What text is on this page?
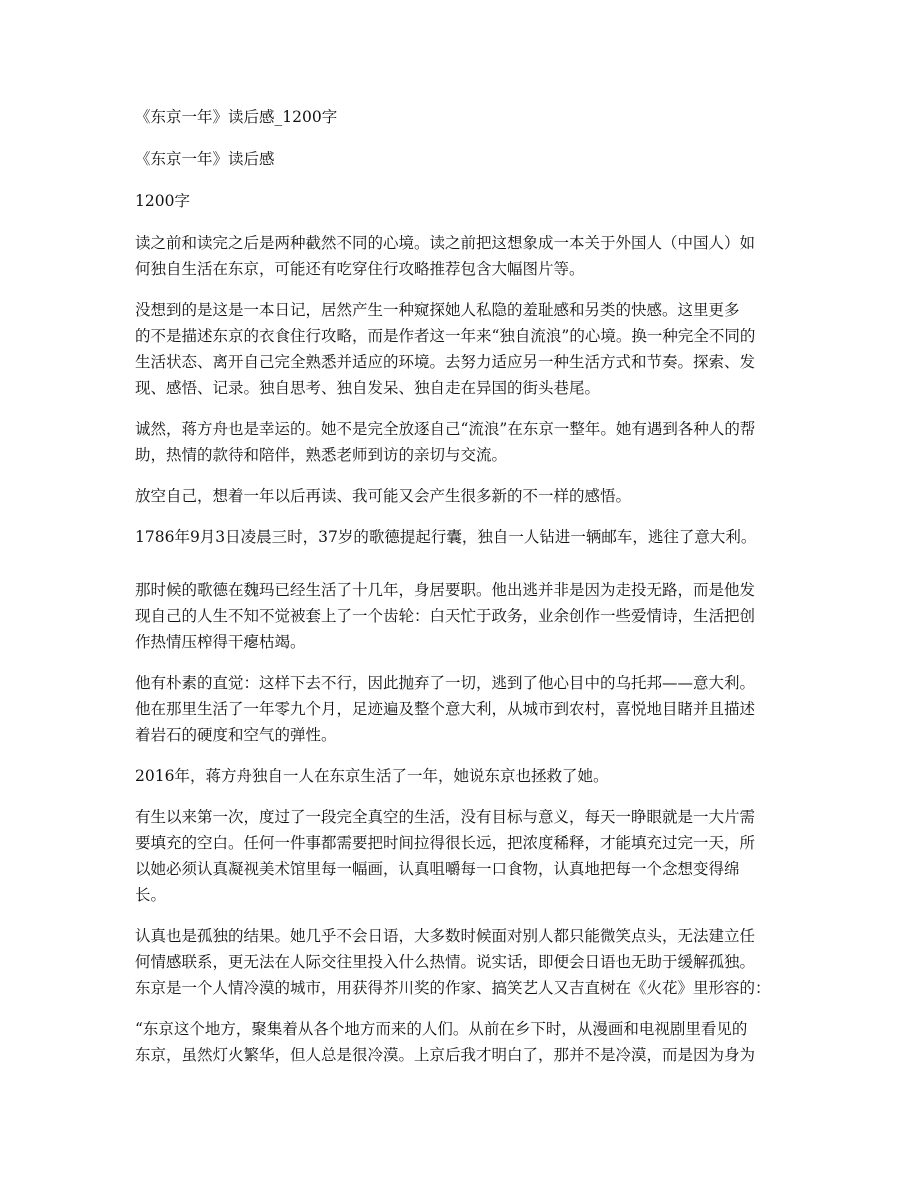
《东京一年》读后感_1200字

《东京一年》读后感

1200字

读之前和读完之后是两种截然不同的心境。读之前把这想象成一本关于外国人（中国人）如

何独自生活在东京，可能还有吃穿住行攻略推荐包含大幅图片等。

没想到的是这是一本日记，居然产生一种窥探她人私隐的羞耻感和另类的快感。这里更多

的不是描述东京的衣食住行攻略，而是作者这一年来“独自流浪”的心境。换一种完全不同的

生活状态、离开自己完全熟悉并适应的环境。去努力适应另一种生活方式和节奏。探索、发

现、感悟、记录。独自思考、独自发呆、独自走在异国的街头巷尾。

诚然，蒋方舟也是幸运的。她不是完全放逐自己“流浪”在东京一整年。她有遇到各种人的帮

助，热情的款待和陪伴，熟悉老师到访的亲切与交流。

放空自己，想着一年以后再读、我可能又会产生很多新的不一样的感悟。

1786年9月3日凌晨三时，37岁的歌德提起行囊，独自一人钻进一辆邮车，逃往了意大利。

那时候的歌德在魏玛已经生活了十几年，身居要职。他出逃并非是因为走投无路，而是他发

现自己的人生不知不觉被套上了一个齿轮：白天忙于政务，业余创作一些爱情诗，生活把创

作热情压榨得干瘪枯竭。

他有朴素的直觉：这样下去不行，因此抛弃了一切，逃到了他心目中的乌托邦——意大利。

他在那里生活了一年零九个月，足迹遍及整个意大利，从城市到农村，喜悦地目睹并且描述

着岩石的硬度和空气的弹性。

2016年，蒋方舟独自一人在东京生活了一年，她说东京也拯救了她。

有生以来第一次，度过了一段完全真空的生活，没有目标与意义，每天一睁眼就是一大片需

要填充的空白。任何一件事都需要把时间拉得很长远，把浓度稀释，才能填充过完一天，所

以她必须认真凝视美术馆里每一幅画，认真咀嚼每一口食物，认真地把每一个念想变得绵

长。

认真也是孤独的结果。她几乎不会日语，大多数时候面对别人都只能微笑点头，无法建立任

何情感联系，更无法在人际交往里投入什么热情。说实话，即便会日语也无助于缓解孤独。

东京是一个人情冷漠的城市，用获得芥川奖的作家、搞笑艺人又吉直树在《火花》里形容的：

“东京这个地方，聚集着从各个地方而来的人们。从前在乡下时，从漫画和电视剧里看见的

东京，虽然灯火繁华，但人总是很冷漠。上京后我才明白了，那并不是冷漠，而是因为身为
